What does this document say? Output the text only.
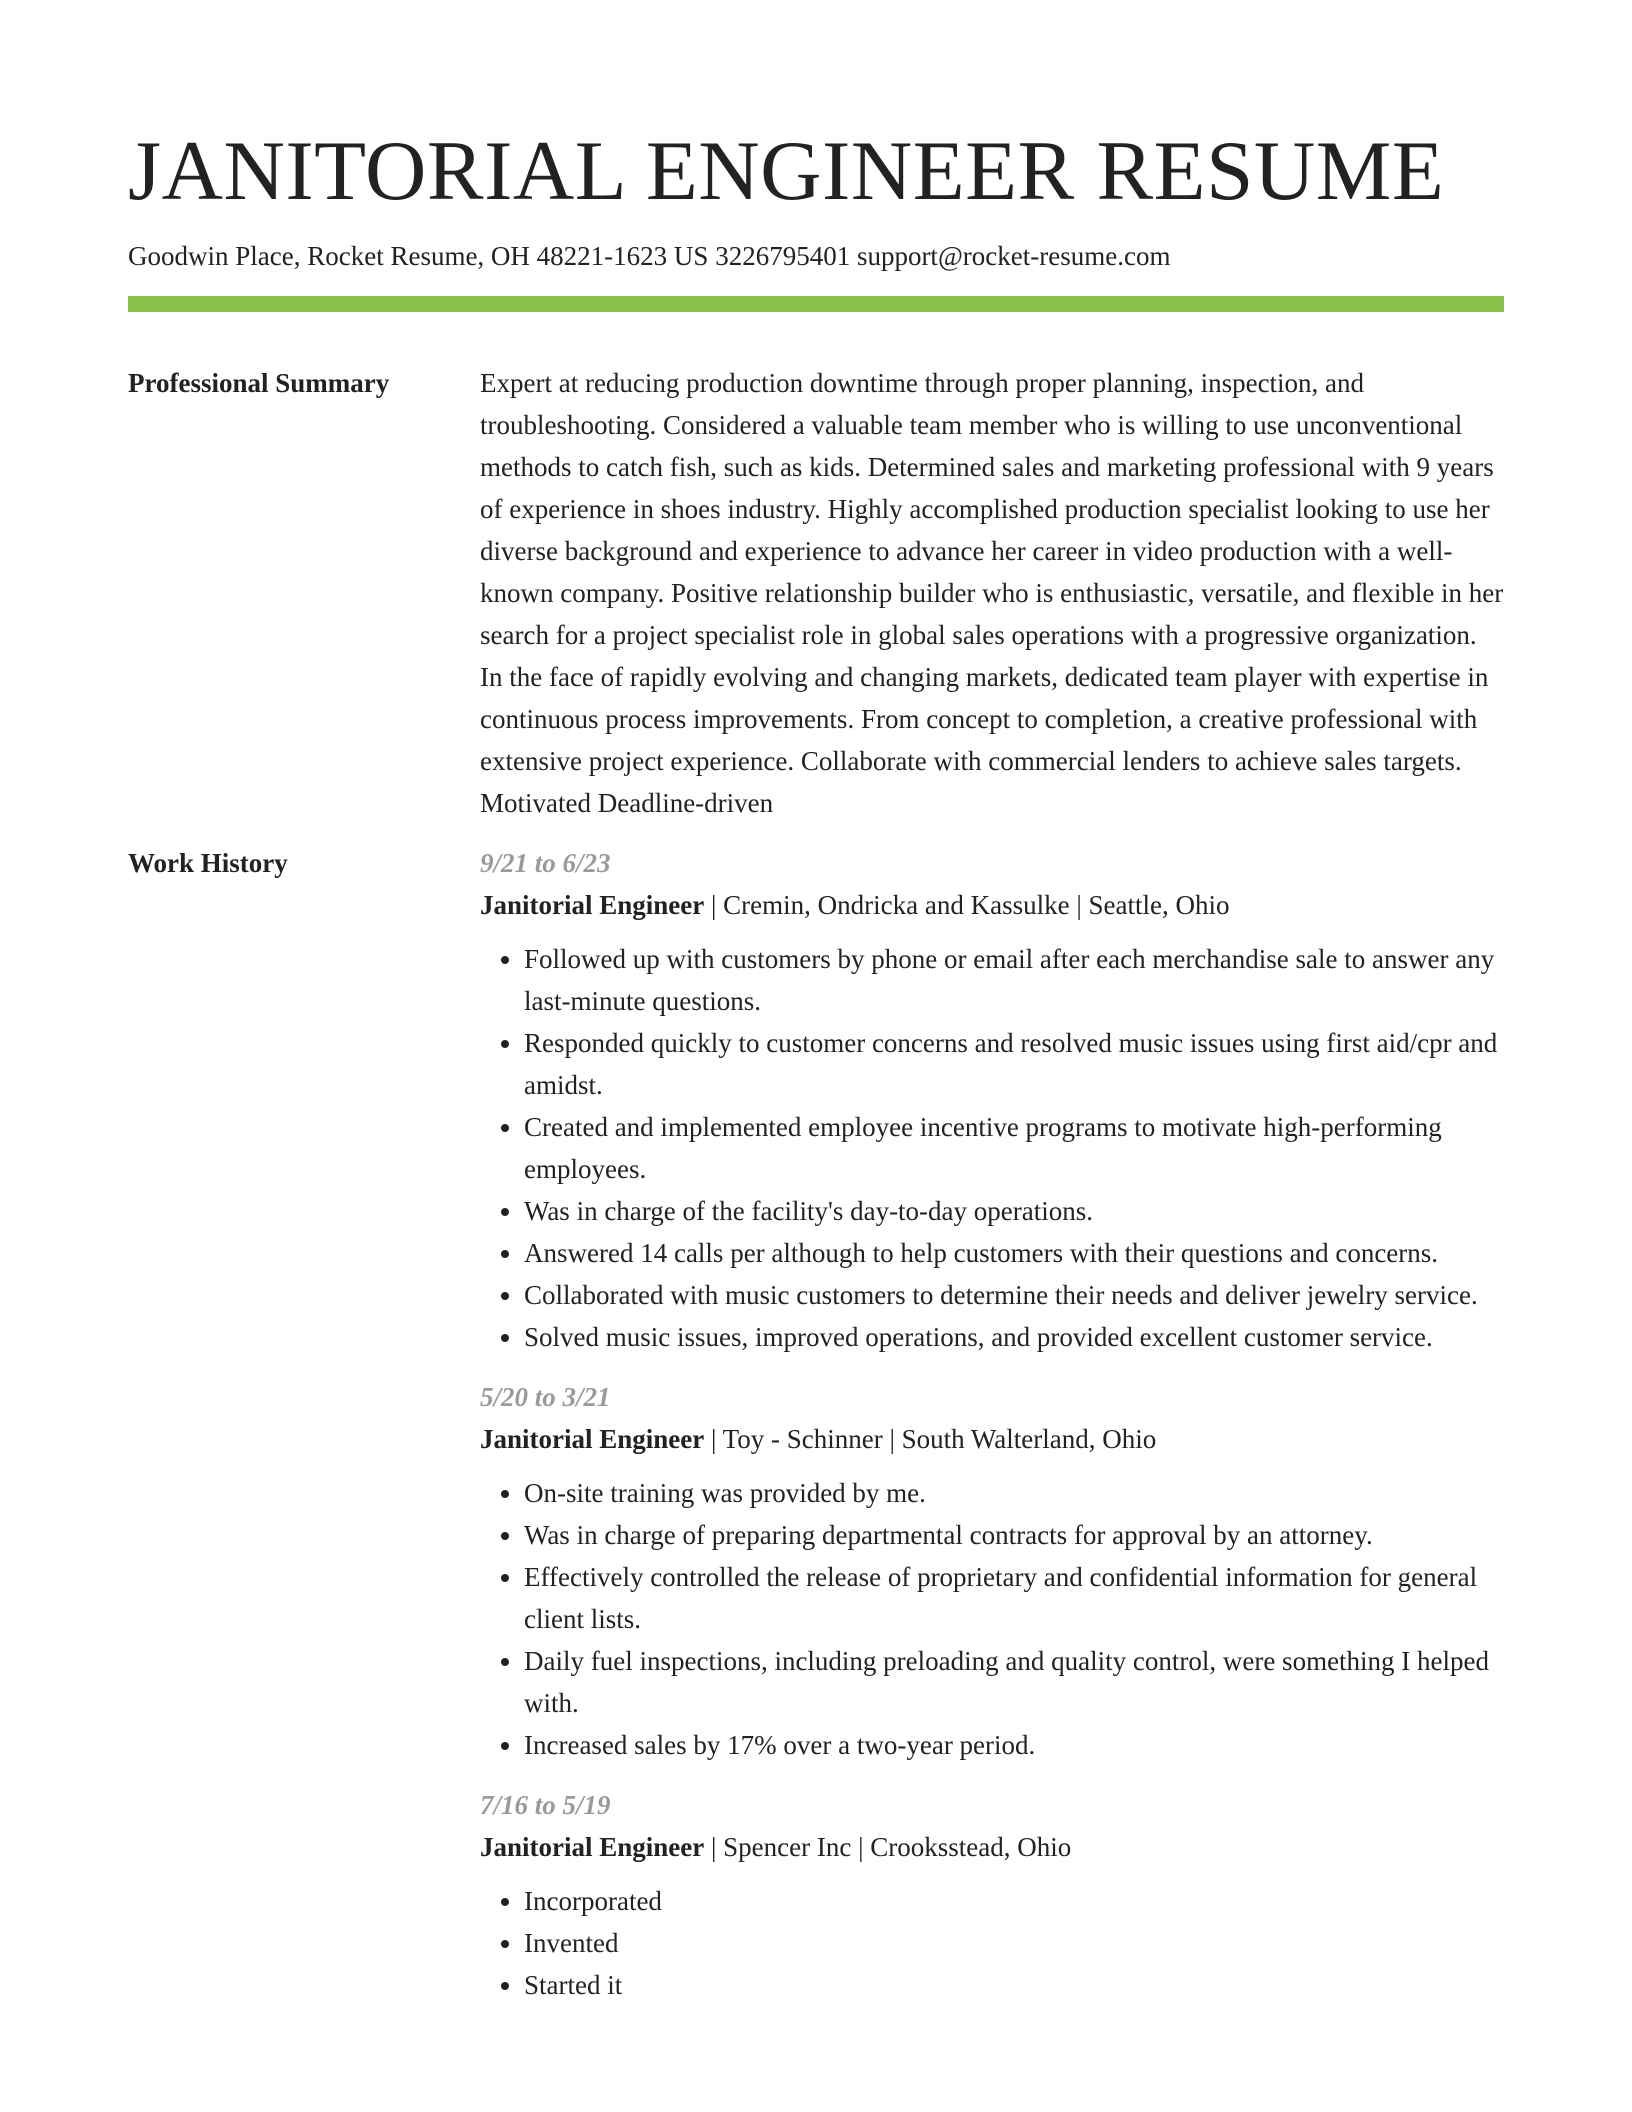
JANITORIAL ENGINEER RESUME
Goodwin Place, Rocket Resume, OH 48221-1623 US 3226795401 support@rocket-resume.com
Professional Summary	Expert at reducing production downtime through proper planning, inspection, and troubleshooting. Considered a valuable team member who is willing to use unconventional methods to catch fish, such as kids. Determined sales and marketing professional with 9 years of experience in shoes industry. Highly accomplished production specialist looking to use her diverse background and experience to advance her career in video production with a well-known company. Positive relationship builder who is enthusiastic, versatile, and flexible in her search for a project specialist role in global sales operations with a progressive organization. In the face of rapidly evolving and changing markets, dedicated team player with expertise in continuous process improvements. From concept to completion, a creative professional with extensive project experience. Collaborate with commercial lenders to achieve sales targets. Motivated Deadline-driven

Work History	9/21 to 6/23
Janitorial Engineer | Cremin, Ondricka and Kassulke | Seattle, Ohio
• Followed up with customers by phone or email after each merchandise sale to answer any last-minute questions.
• Responded quickly to customer concerns and resolved music issues using first aid/cpr and amidst.
• Created and implemented employee incentive programs to motivate high-performing employees.
• Was in charge of the facility's day-to-day operations.
• Answered 14 calls per although to help customers with their questions and concerns.
• Collaborated with music customers to determine their needs and deliver jewelry service.
• Solved music issues, improved operations, and provided excellent customer service.
5/20 to 3/21
Janitorial Engineer | Toy - Schinner | South Walterland, Ohio
• On-site training was provided by me.
• Was in charge of preparing departmental contracts for approval by an attorney.
• Effectively controlled the release of proprietary and confidential information for general client lists.
• Daily fuel inspections, including preloading and quality control, were something I helped with.
• Increased sales by 17% over a two-year period.
7/16 to 5/19
Janitorial Engineer | Spencer Inc | Crooksstead, Ohio
• Incorporated
• Invented
• Started it
